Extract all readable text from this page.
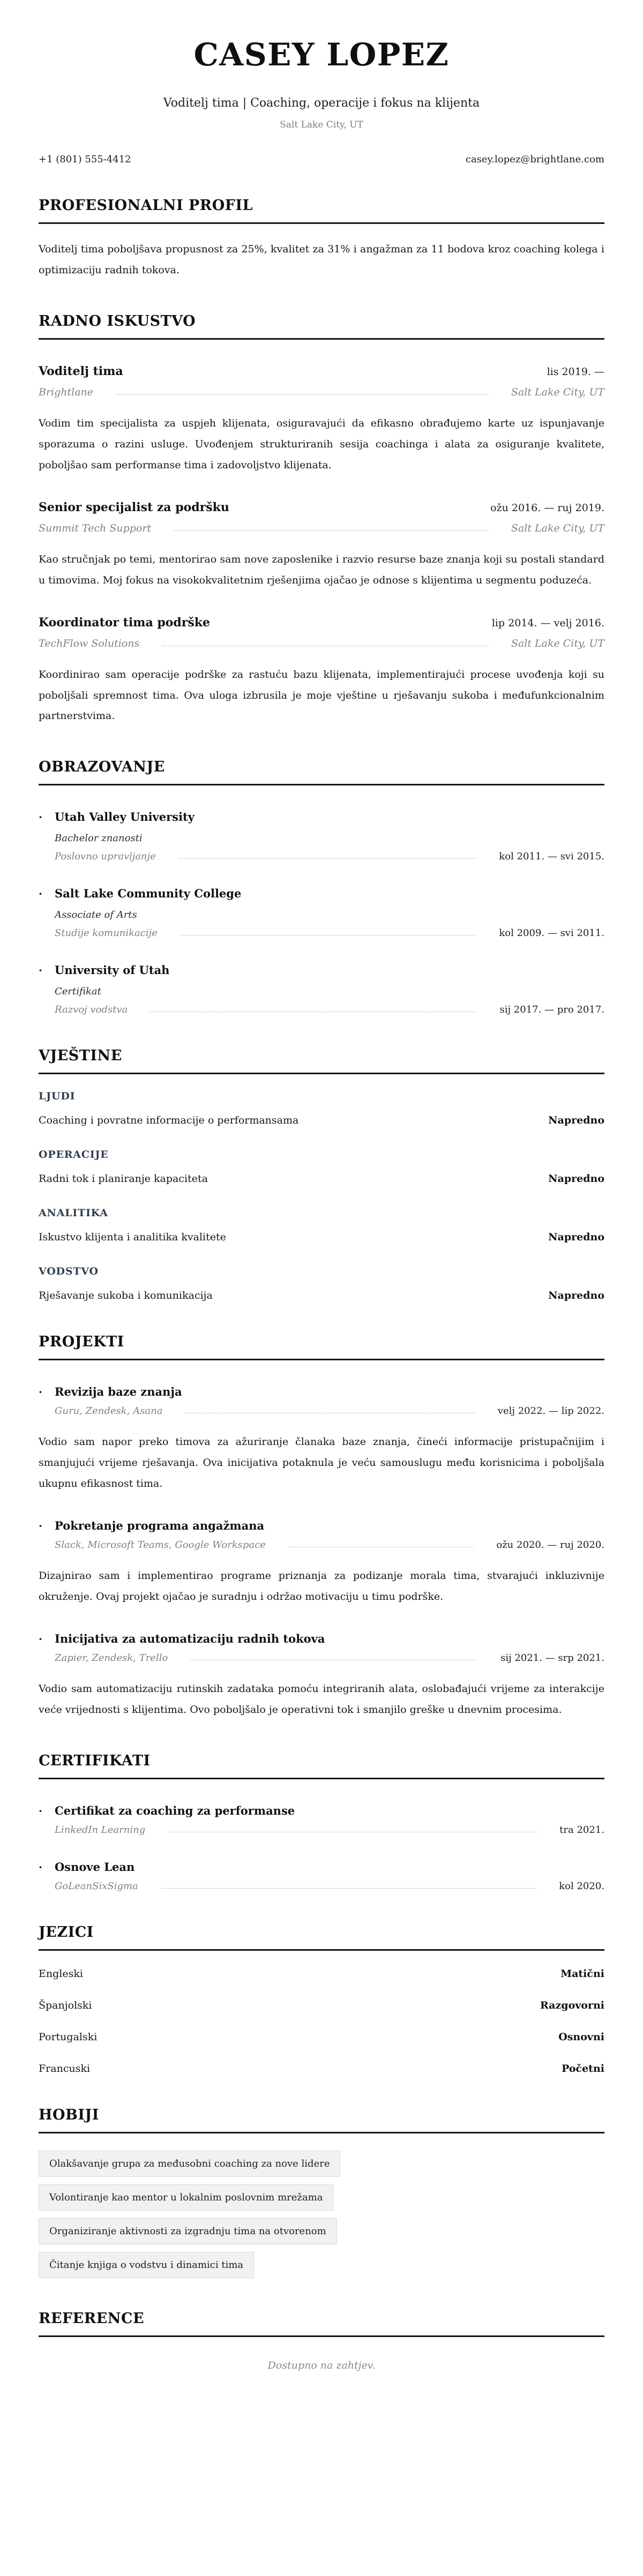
CASEY LOPEZ
Voditelj tima | Coaching, operacije i fokus na klijenta
Salt Lake City, UT
+1 (801) 555-4412	casey.lopez@brightlane.com
PROFESIONALNI PROFIL

Voditelj tima poboljšava propusnost za 25%, kvalitet za 31% i angažman za 11 bodova kroz coaching kolega i optimizaciju radnih tokova.

RADNO ISKUSTVO
Voditelj tima	lis 2019. —
Brightlane	Salt Lake City, UT

Vodim tim specijalista za uspjeh klijenata, osiguravajući da efikasno obrađujemo karte uz ispunjavanje sporazuma o razini usluge. Uvođenjem strukturiranih sesija coachinga i alata za osiguranje kvalitete, poboljšao sam performanse tima i zadovoljstvo klijenata.

Senior specijalist za podršku	ožu 2016. — ruj 2019.
Summit Tech Support	Salt Lake City, UT

Kao stručnjak po temi, mentorirao sam nove zaposlenike i razvio resurse baze znanja koji su postali standard u timovima. Moj fokus na visokokvalitetnim rješenjima ojačao je odnose s klijentima u segmentu poduzeća.

Koordinator tima podrške	lip 2014. — velj 2016.
TechFlow Solutions	Salt Lake City, UT

Koordinirao sam operacije podrške za rastuću bazu klijenata, implementirajući procese uvođenja koji su poboljšali spremnost tima. Ova uloga izbrusila je moje vještine u rješavanju sukoba i međufunkcionalnim partnerstvima.

OBRAZOVANJE
·
Utah Valley University
Bachelor znanosti
Poslovno upravljanje	kol 2011. — svi 2015.
·
Salt Lake Community College
Associate of Arts
Studije komunikacije	kol 2009. — svi 2011.
·
University of Utah
Certifikat
Razvoj vodstva	sij 2017. — pro 2017.
VJEŠTINE
LJUDI
Coaching i povratne informacije o performansama	Napredno
OPERACIJE
Radni tok i planiranje kapaciteta	Napredno
ANALITIKA
Iskustvo klijenta i analitika kvalitete	Napredno
VODSTVO
Rješavanje sukoba i komunikacija	Napredno
PROJEKTI
·
Revizija baze znanja
Guru, Zendesk, Asana	velj 2022. — lip 2022.

Vodio sam napor preko timova za ažuriranje članaka baze znanja, čineći informacije pristupačnijim i smanjujući vrijeme rješavanja. Ova inicijativa potaknula je veću samouslugu među korisnicima i poboljšala ukupnu efikasnost tima.

·
Pokretanje programa angažmana
Slack, Microsoft Teams, Google Workspace	ožu 2020. — ruj 2020.

Dizajnirao sam i implementirao programe priznanja za podizanje morala tima, stvarajući inkluzivnije okruženje. Ovaj projekt ojačao je suradnju i održao motivaciju u timu podrške.

·
Inicijativa za automatizaciju radnih tokova
Zapier, Zendesk, Trello	sij 2021. — srp 2021.

Vodio sam automatizaciju rutinskih zadataka pomoću integriranih alata, oslobađajući vrijeme za interakcije veće vrijednosti s klijentima. Ovo poboljšalo je operativni tok i smanjilo greške u dnevnim procesima.

CERTIFIKATI
·
Certifikat za coaching za performanse
LinkedIn Learning	tra 2021.
·
Osnove Lean
GoLeanSixSigma	kol 2020.
JEZICI
Engleski	Matični
Španjolski	Razgovorni
Portugalski	Osnovni
Francuski	Početni
HOBIJI
Olakšavanje grupa za međusobni coaching za nove lidere
Volontiranje kao mentor u lokalnim poslovnim mrežama
Organiziranje aktivnosti za izgradnju tima na otvorenom
Čitanje knjiga o vodstvu i dinamici tima
REFERENCE
Dostupno na zahtjev.
